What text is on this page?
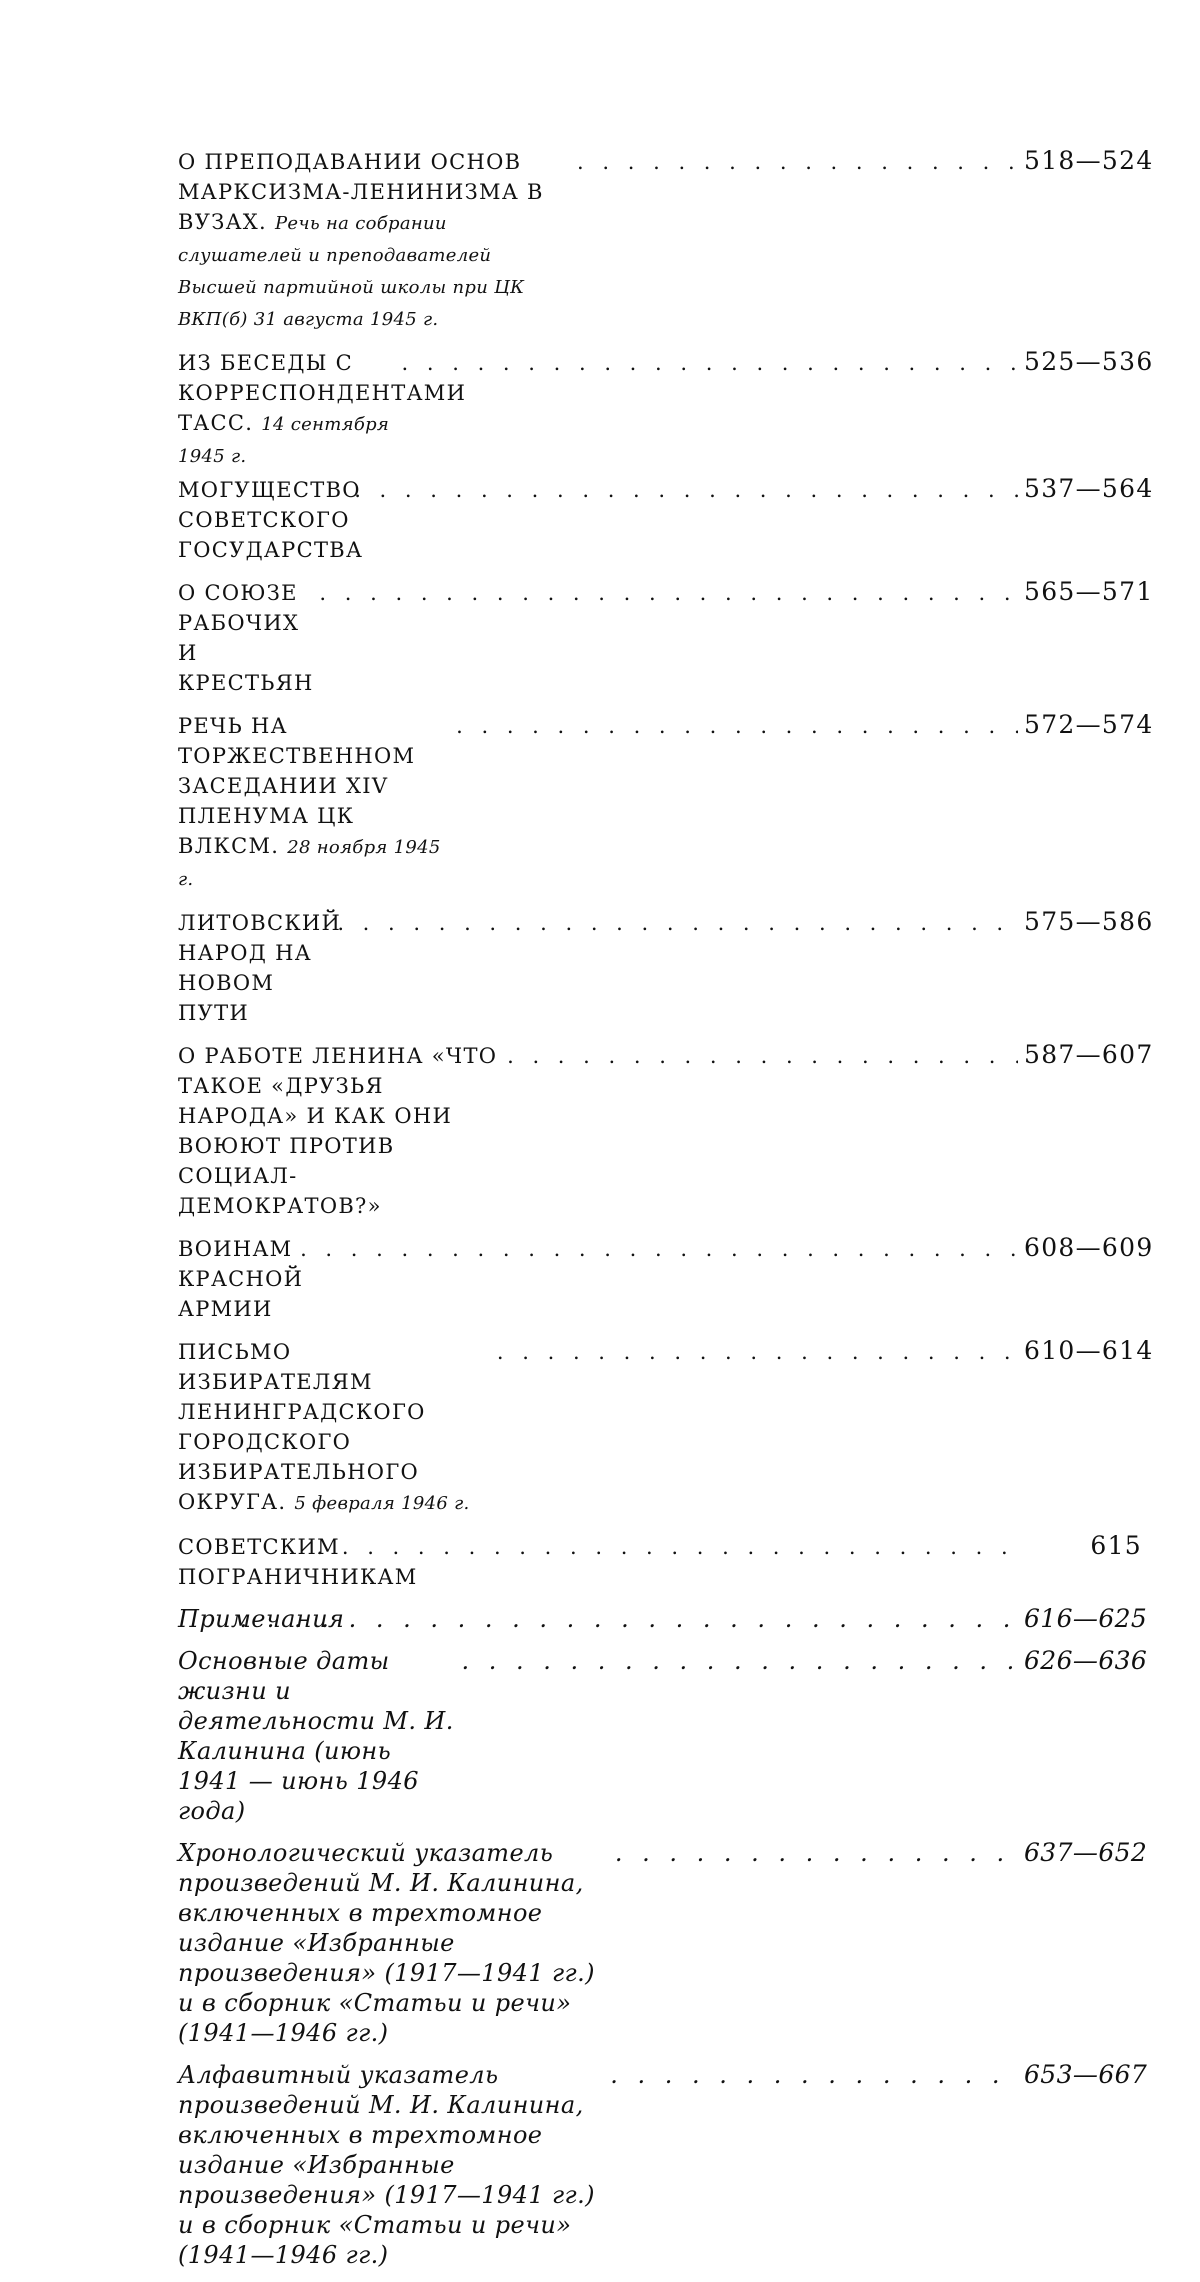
О ПРЕПОДАВАНИИ ОСНОВ МАРКСИЗМА-ЛЕНИНИЗМА В ВУЗАХ. Речь на собрании слушателей и преподавателей Высшей партийной школы при ЦК ВКП(б) 31 августа 1945 г.
. . .
518—524
ИЗ БЕСЕДЫ С КОРРЕСПОНДЕНТАМИ ТАСС. 14 сентября 1945 г.
. . .
525—536
МОГУЩЕСТВО СОВЕТСКОГО ГОСУДАРСТВА
. . .
537—564
О СОЮЗЕ РАБОЧИХ И КРЕСТЬЯН
. . .
565—571
РЕЧЬ НА ТОРЖЕСТВЕННОМ ЗАСЕДАНИИ XIV ПЛЕНУМА ЦК ВЛКСМ. 28 ноября 1945 г.
. . .
572—574
ЛИТОВСКИЙ НАРОД НА НОВОМ ПУТИ
. . .
575—586
О РАБОТЕ ЛЕНИНА «ЧТО ТАКОЕ «ДРУЗЬЯ НАРОДА» И КАК ОНИ ВОЮЮТ ПРОТИВ СОЦИАЛ-ДЕМОКРАТОВ?»
. . .
587—607
ВОИНАМ КРАСНОЙ АРМИИ
. . .
608—609
ПИСЬМО ИЗБИРАТЕЛЯМ ЛЕНИНГРАДСКОГО ГОРОДСКОГО ИЗБИРАТЕЛЬНОГО ОКРУГА. 5 февраля 1946 г.
. . .
610—614
СОВЕТСКИМ ПОГРАНИЧНИКАМ
. . .
615
Примечания
. . .	616—625
Основные даты жизни и деятельности М. И. Калинина (июнь 1941 — июнь 1946 года)
. . .
626—636
Хронологический указатель произведений М. И. Калинина, включенных в трехтомное издание «Избранные произведения» (1917—1941 гг.) и в сборник «Статьи и речи» (1941—1946 гг.)
. . .
637—652
Алфавитный указатель произведений М. И. Калинина, включенных в трехтомное издание «Избранные произведения» (1917—1941 гг.) и в сборник «Статьи и речи» (1941—1946 гг.)
. . .
653—667
